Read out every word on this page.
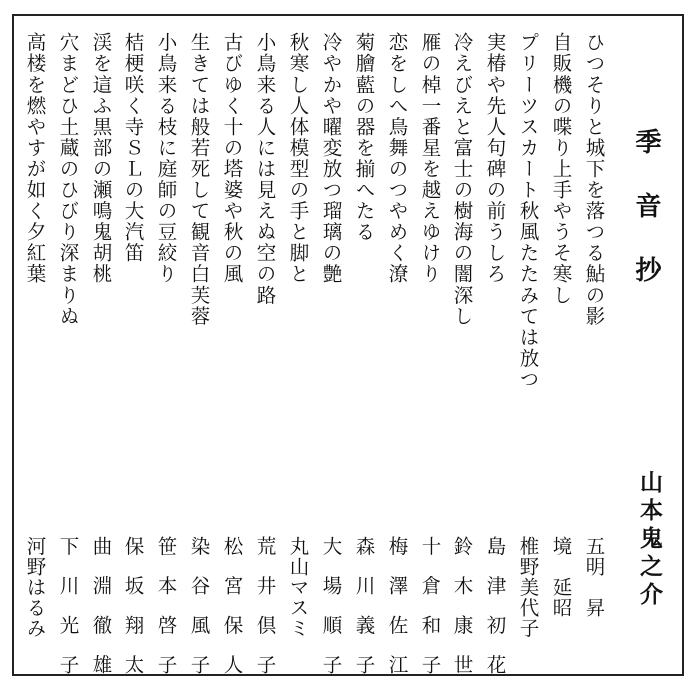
季音抄
山本鬼之介
ひつそりと城下を落つる鮎の影
五明　昇
自販機の喋り上手やうそ寒し
境　延昭
プリーツスカート秋風たたみては放つ
椎野美代子
実椿や先人句碑の前うしろ
島津初花
冷えびえと富士の樹海の闇深し
鈴木康世
雁の棹一番星を越えゆけり
十倉和子
恋をしへ鳥舞のつやめく潦
梅澤佐江
菊膾藍の器を揃へたる
森川義子
冷やかや曜変放つ瑠璃の艶
大場順子
秋寒し人体模型の手と脚と
丸山マスミ
小鳥来る人には見えぬ空の路
荒井倶子
古びゆく十の塔婆や秋の風
松宮保人
生きては般若死して観音白芙蓉
染谷風子
小鳥来る枝に庭師の豆絞り
笹本啓子
桔梗咲く寺ＳＬの大汽笛
保坂翔太
渓を這ふ黒部の瀬鳴鬼胡桃
曲淵徹雄
穴まどひ土蔵のひびり深まりぬ
下川光子
高楼を燃やすが如く夕紅葉
河野はるみ
